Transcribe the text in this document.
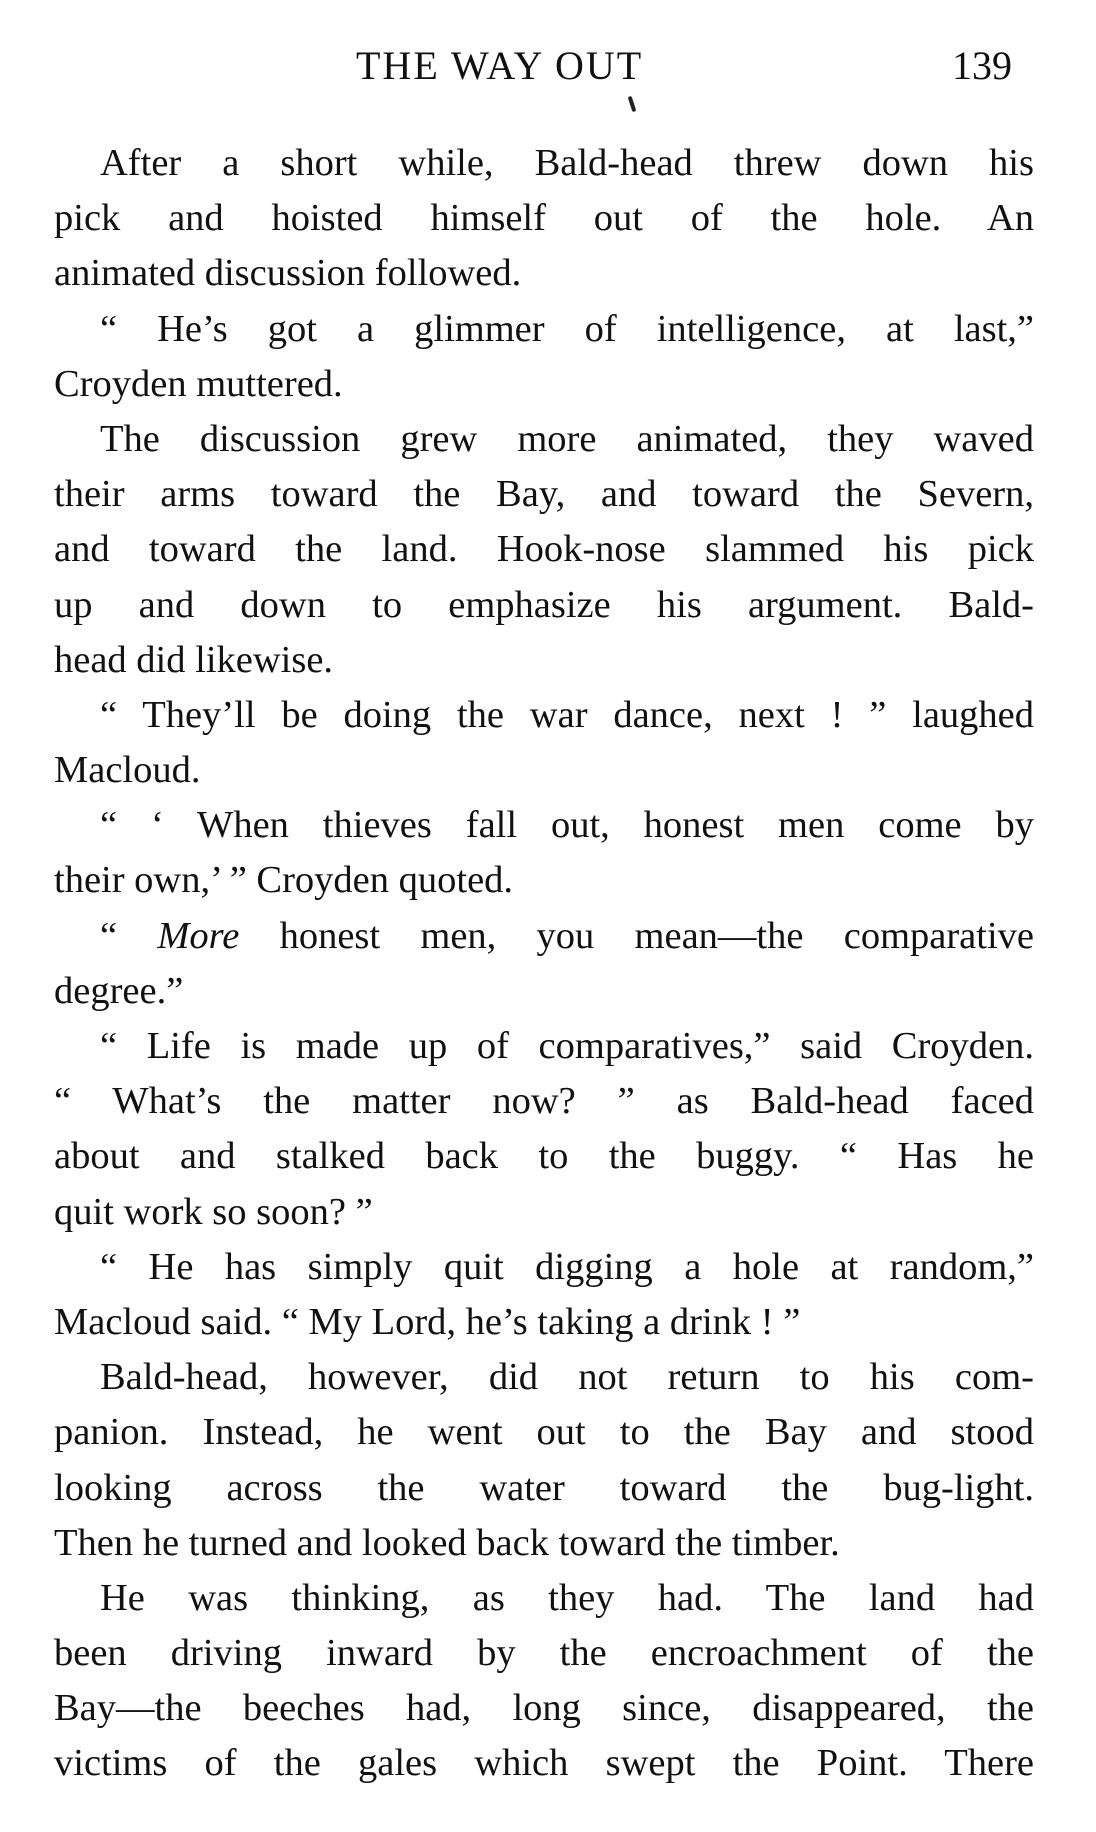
THE WAY OUT	139
After a short while, Bald-head threw down his
pick and hoisted himself out of the hole. An
animated discussion followed.
“ He’s got a glimmer of intelligence, at last,”
Croyden muttered.
The discussion grew more animated, they waved
their arms toward the Bay, and toward the Severn,
and toward the land. Hook-nose slammed his pick
up and down to emphasize his argument. Bald-
head did likewise.
“ They’ll be doing the war dance, next ! ” laughed
Macloud.
“ ‘ When thieves fall out, honest men come by
their own,’ ” Croyden quoted.
“ More honest men, you mean—the comparative
degree.”
“ Life is made up of comparatives,” said Croyden.
“ What’s the matter now? ” as Bald-head faced
about and stalked back to the buggy. “ Has he
quit work so soon? ”
“ He has simply quit digging a hole at random,”
Macloud said. “ My Lord, he’s taking a drink ! ”
Bald-head, however, did not return to his com-
panion. Instead, he went out to the Bay and stood
looking across the water toward the bug-light.
Then he turned and looked back toward the timber.
He was thinking, as they had. The land had
been driving inward by the encroachment of the
Bay—the beeches had, long since, disappeared, the
victims of the gales which swept the Point. There
